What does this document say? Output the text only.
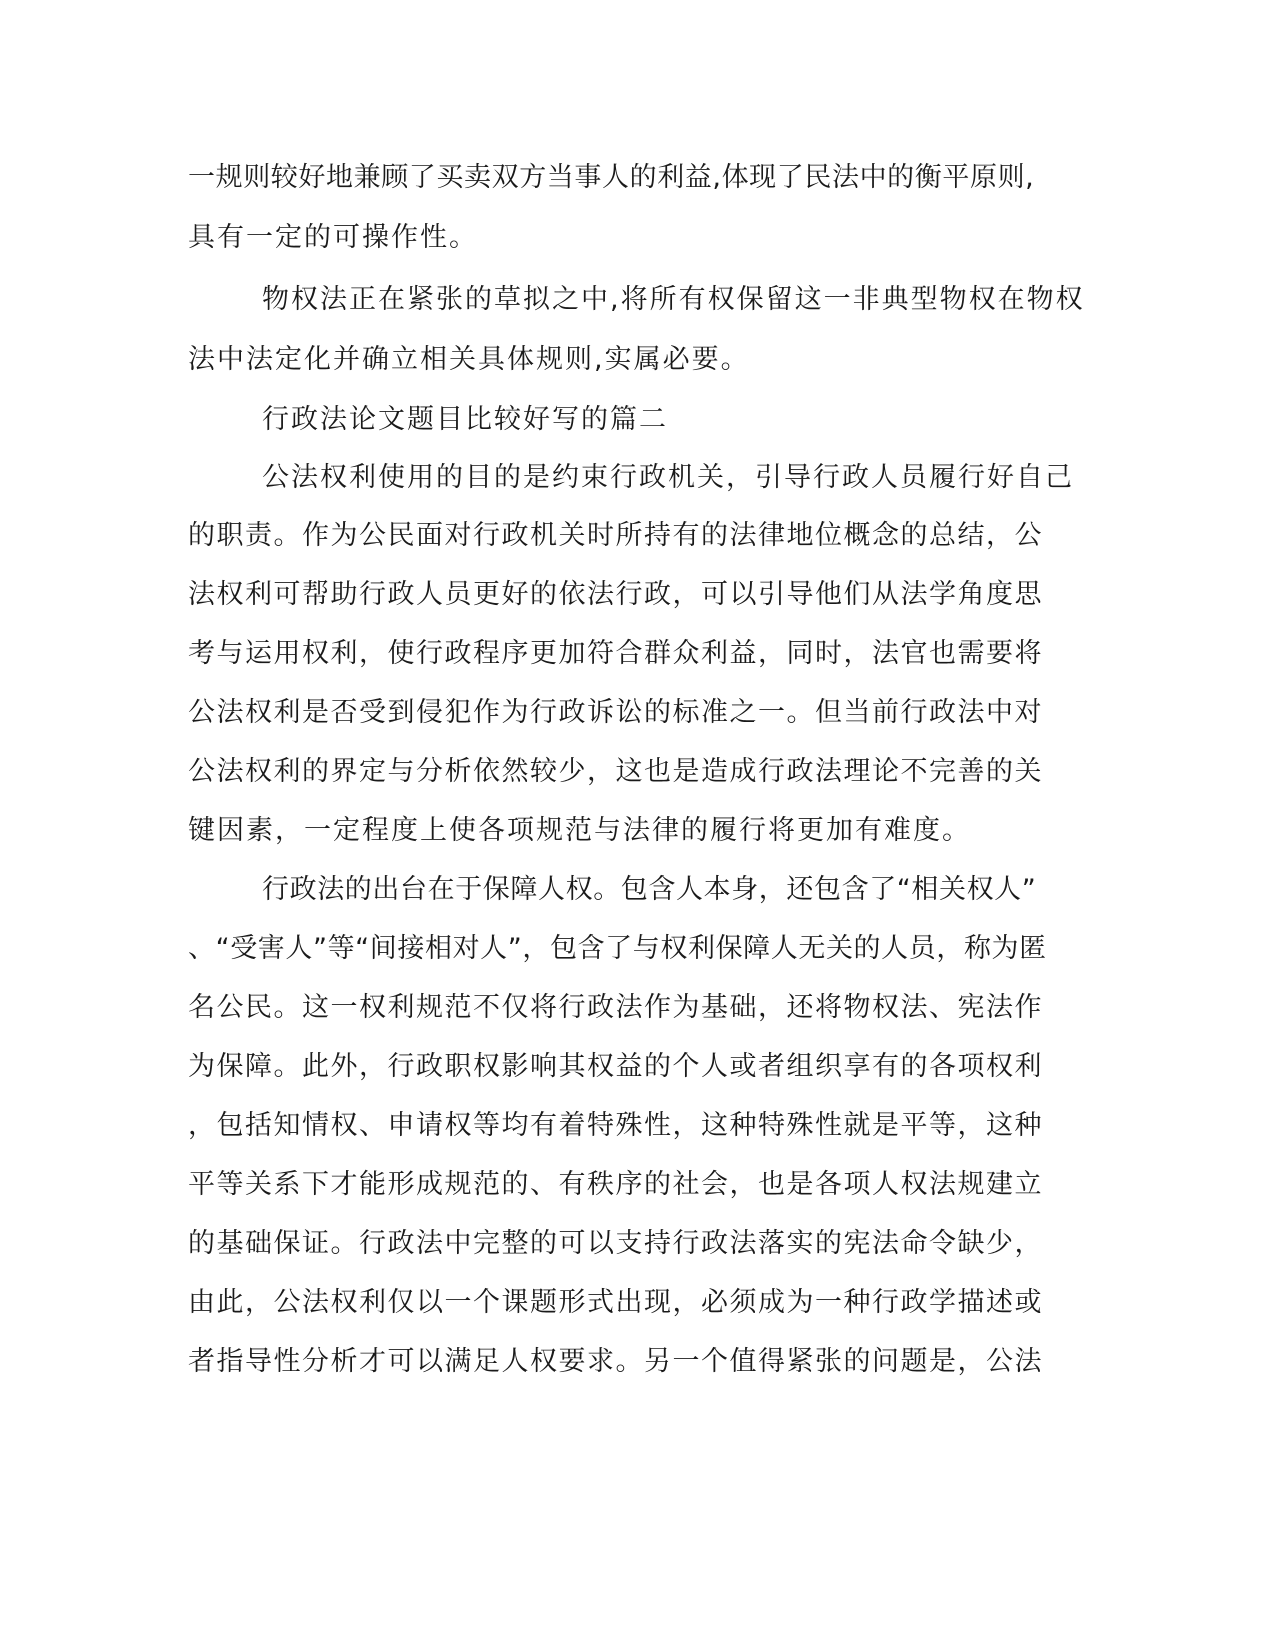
一规则较好地兼顾了买卖双方当事人的利益,体现了民法中的衡平原则,
具有一定的可操作性。
物权法正在紧张的草拟之中,将所有权保留这一非典型物权在物权
法中法定化并确立相关具体规则,实属必要。
行政法论文题目比较好写的篇二
公法权利使用的目的是约束行政机关，引导行政人员履行好自己
的职责。作为公民面对行政机关时所持有的法律地位概念的总结，公
法权利可帮助行政人员更好的依法行政，可以引导他们从法学角度思
考与运用权利，使行政程序更加符合群众利益，同时，法官也需要将
公法权利是否受到侵犯作为行政诉讼的标准之一。但当前行政法中对
公法权利的界定与分析依然较少，这也是造成行政法理论不完善的关
键因素，一定程度上使各项规范与法律的履行将更加有难度。
行政法的出台在于保障人权。包含人本身，还包含了“相关权人”
、“受害人”等“间接相对人”，包含了与权利保障人无关的人员，称为匿
名公民。这一权利规范不仅将行政法作为基础，还将物权法、宪法作
为保障。此外，行政职权影响其权益的个人或者组织享有的各项权利
，包括知情权、申请权等均有着特殊性，这种特殊性就是平等，这种
平等关系下才能形成规范的、有秩序的社会，也是各项人权法规建立
的基础保证。行政法中完整的可以支持行政法落实的宪法命令缺少，
由此，公法权利仅以一个课题形式出现，必须成为一种行政学描述或
者指导性分析才可以满足人权要求。另一个值得紧张的问题是，公法
